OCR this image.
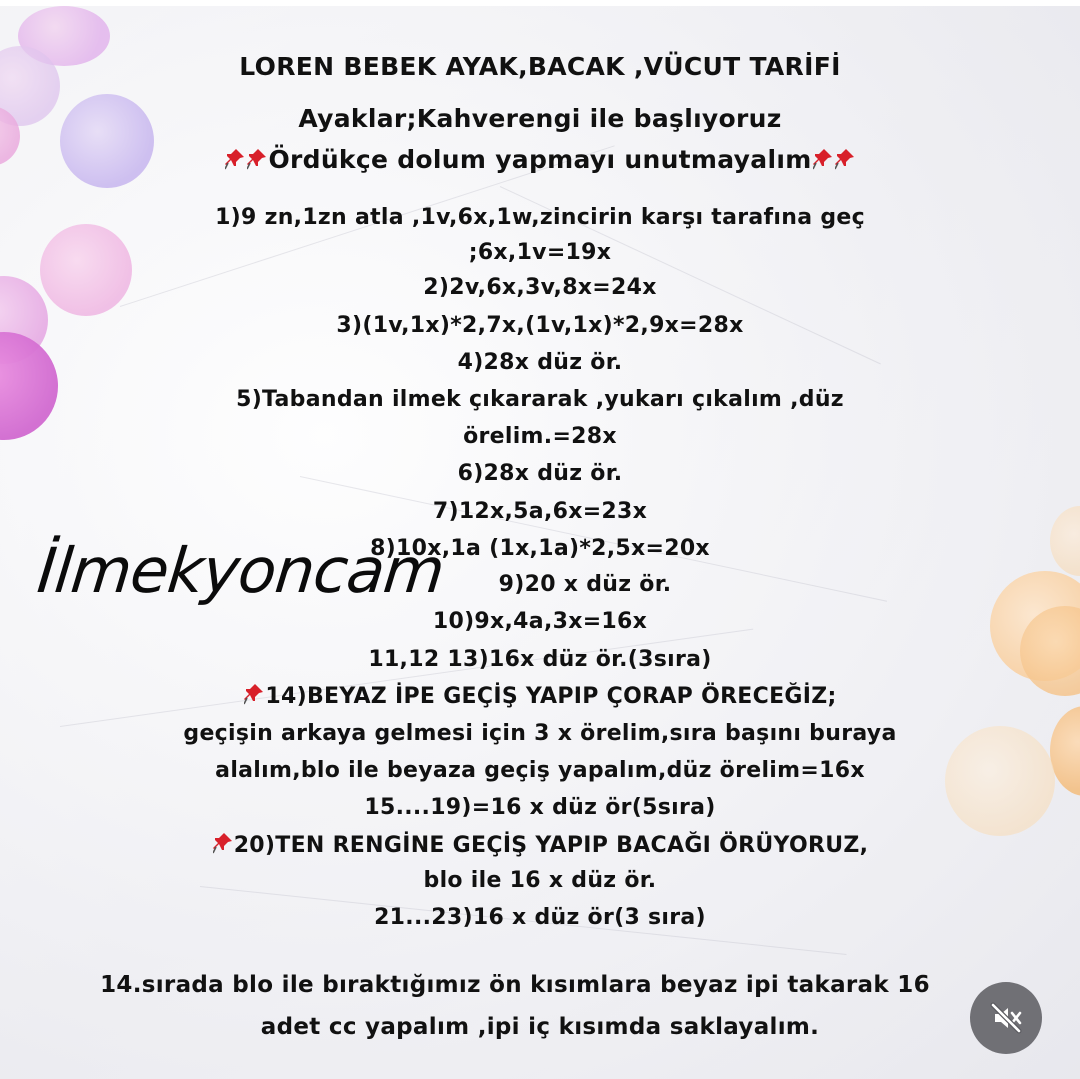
LOREN BEBEK AYAK,BACAK ,VÜCUT TARİFİ
Ayaklar;Kahverengi ile başlıyoruz
Ördükçe dolum yapmayı unutmayalım
1)9 zn,1zn atla ,1v,6x,1w,zincirin karşı tarafına geç
;6x,1v=19x
2)2v,6x,3v,8x=24x
3)(1v,1x)*2,7x,(1v,1x)*2,9x=28x
4)28x düz ör.
5)Tabandan ilmek çıkararak ,yukarı çıkalım ,düz
örelim.=28x
6)28x düz ör.
7)12x,5a,6x=23x
8)10x,1a (1x,1a)*2,5x=20x
9)20 x düz ör.
10)9x,4a,3x=16x
11,12 13)16x düz ör.(3sıra)
14)BEYAZ İPE GEÇİŞ YAPIP ÇORAP ÖRECEĞİZ;
geçişin arkaya gelmesi için 3 x örelim,sıra başını buraya
alalım,blo ile beyaza geçiş yapalım,düz örelim=16x
15....19)=16 x düz ör(5sıra)
20)TEN RENGİNE GEÇİŞ YAPIP BACAĞI ÖRÜYORUZ,
blo ile 16 x düz ör.
21...23)16 x düz ör(3 sıra)
14.sırada blo ile bıraktığımız ön kısımlara beyaz ipi takarak 16
adet cc yapalım ,ipi iç kısımda saklayalım.
İlmekyoncam
